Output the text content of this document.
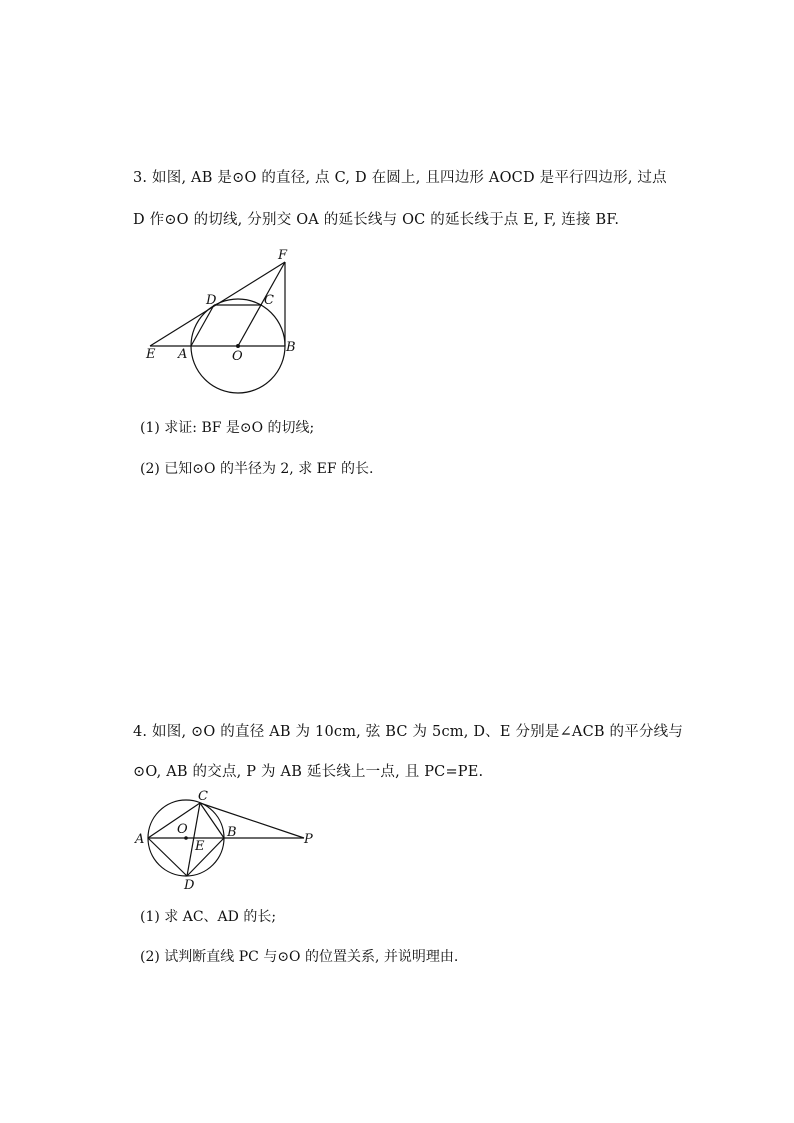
3. 如图, AB 是⊙O 的直径, 点 C, D 在圆上, 且四边形 AOCD 是平行四边形, 过点
D 作⊙O 的切线, 分别交 OA 的延长线与 OC 的延长线于点 E, F, 连接 BF.
F
D	C
E A	O
B
(1) 求证: BF 是⊙O 的切线;
(2) 已知⊙O 的半径为 2, 求 EF 的长.
4. 如图, ⊙O 的直径 AB 为 10cm, 弦 BC 为 5cm, D、E 分别是∠ACB 的平分线与
⊙O, AB 的交点, P 为 AB 延长线上一点, 且 PC=PE.
C
A
O	B	P
E
D
(1) 求 AC、AD 的长;
(2) 试判断直线 PC 与⊙O 的位置关系, 并说明理由.
